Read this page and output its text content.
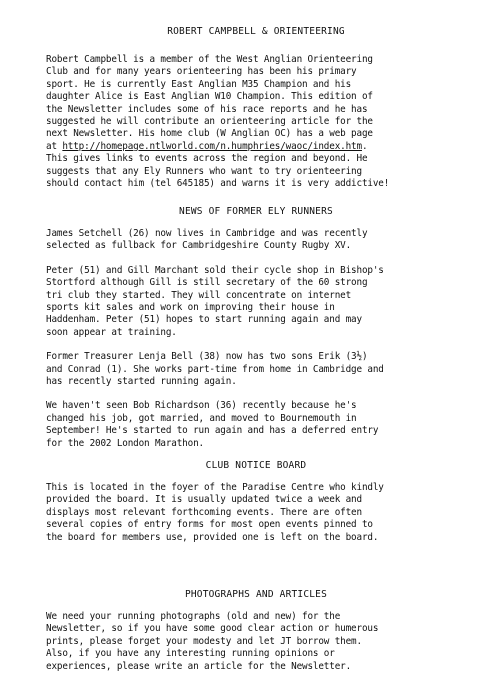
ROBERT CAMPBELL & ORIENTEERING

Robert Campbell is a member of the West Anglian Orienteering

Club and for many years orienteering has been his primary

sport. He is currently East Anglian M35 Champion and his

daughter Alice is East Anglian W10 Champion. This edition of

the Newsletter includes some of his race reports and he has

suggested he will contribute an orienteering article for the

next Newsletter. His home club (W Anglian OC) has a web page

at http://homepage.ntlworld.com/n.humphries/waoc/index.htm.

This gives links to events across the region and beyond. He

suggests that any Ely Runners who want to try orienteering

should contact him (tel 645185) and warns it is very addictive!

NEWS OF FORMER ELY RUNNERS

James Setchell (26) now lives in Cambridge and was recently

selected as fullback for Cambridgeshire County Rugby XV.

Peter (51) and Gill Marchant sold their cycle shop in Bishop's

Stortford although Gill is still secretary of the 60 strong

tri club they started. They will concentrate on internet

sports kit sales and work on improving their house in

Haddenham. Peter (51) hopes to start running again and may

soon appear at training.

Former Treasurer Lenja Bell (38) now has two sons Erik (3½)

and Conrad (1). She works part-time from home in Cambridge and

has recently started running again.

We haven't seen Bob Richardson (36) recently because he's

changed his job, got married, and moved to Bournemouth in

September! He's started to run again and has a deferred entry

for the 2002 London Marathon.

CLUB NOTICE BOARD

This is located in the foyer of the Paradise Centre who kindly

provided the board. It is usually updated twice a week and

displays most relevant forthcoming events. There are often

several copies of entry forms for most open events pinned to

the board for members use, provided one is left on the board.

PHOTOGRAPHS AND ARTICLES

We need your running photographs (old and new) for the

Newsletter, so if you have some good clear action or humerous

prints, please forget your modesty and let JT borrow them.

Also, if you have any interesting running opinions or

experiences, please write an article for the Newsletter.
